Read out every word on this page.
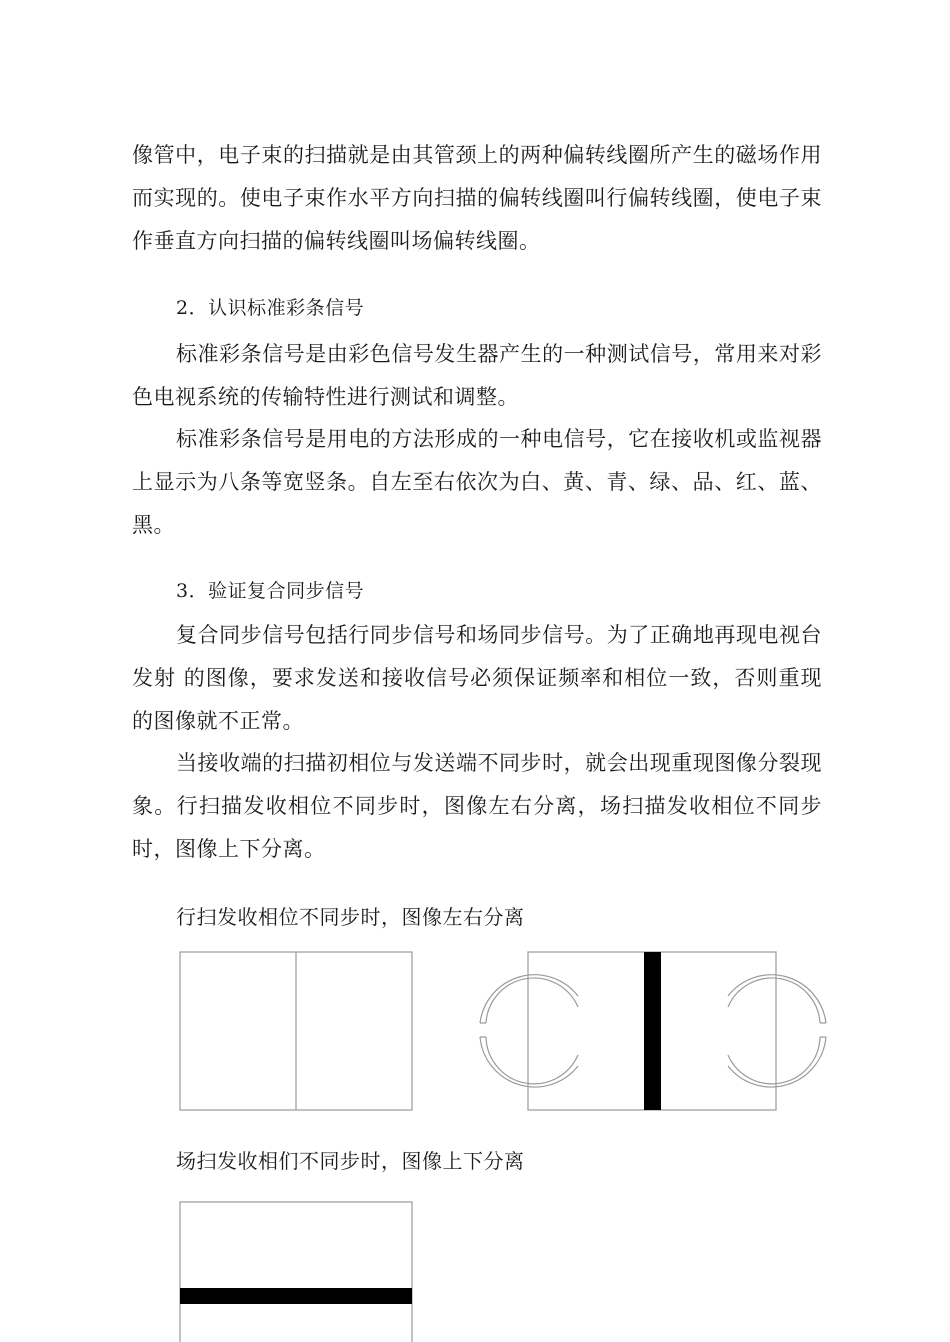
像管中，电子束的扫描就是由其管颈上的两种偏转线圈所产生的磁场作用而实现的。使电子束作水平方向扫描的偏转线圈叫行偏转线圈，使电子束作垂直方向扫描的偏转线圈叫场偏转线圈。

2．认识标准彩条信号

标准彩条信号是由彩色信号发生器产生的一种测试信号，常用来对彩色电视系统的传输特性进行测试和调整。

标准彩条信号是用电的方法形成的一种电信号，它在接收机或监视器上显示为八条等宽竖条。自左至右依次为白、黄、青、绿、品、红、蓝、黑。

3．验证复合同步信号

复合同步信号包括行同步信号和场同步信号。为了正确地再现电视台发射 的图像，要求发送和接收信号必须保证频率和相位一致，否则重现的图像就不正常。

当接收端的扫描初相位与发送端不同步时，就会出现重现图像分裂现象。行扫描发收相位不同步时，图像左右分离，场扫描发收相位不同步时，图像上下分离。

行扫发收相位不同步时，图像左右分离

场扫发收相们不同步时，图像上下分离
